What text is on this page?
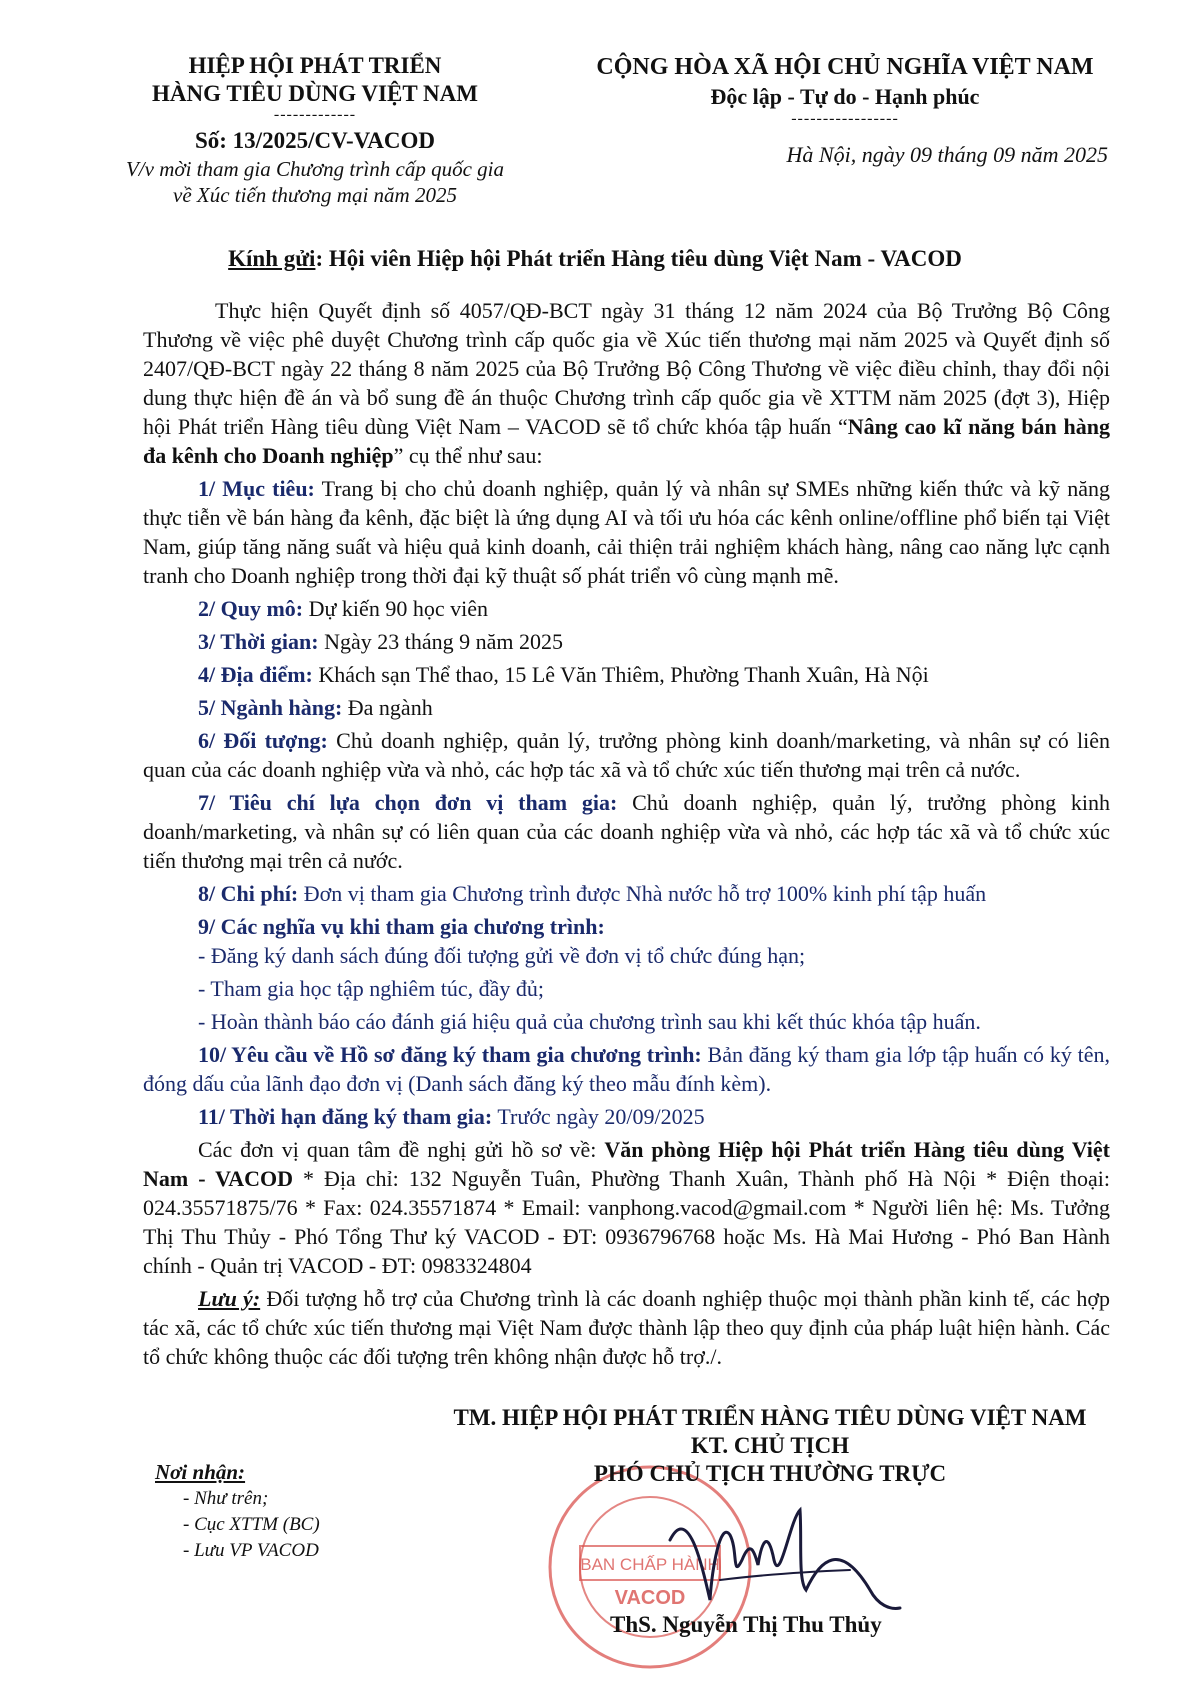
HIỆP HỘI PHÁT TRIỂN
HÀNG TIÊU DÙNG VIỆT NAM
-------------
Số: 13/2025/CV-VACOD
V/v mời tham gia Chương trình cấp quốc gia
về Xúc tiến thương mại năm 2025
CỘNG HÒA XÃ HỘI CHỦ NGHĨA VIỆT NAM
Độc lập - Tự do - Hạnh phúc
-----------------
Hà Nội, ngày 09 tháng 09 năm 2025
Kính gửi: Hội viên Hiệp hội Phát triển Hàng tiêu dùng Việt Nam - VACOD

Thực hiện Quyết định số 4057/QĐ-BCT ngày 31 tháng 12 năm 2024 của Bộ Trưởng Bộ Công Thương về việc phê duyệt Chương trình cấp quốc gia về Xúc tiến thương mại năm 2025 và Quyết định số 2407/QĐ-BCT ngày 22 tháng 8 năm 2025 của Bộ Trưởng Bộ Công Thương về việc điều chỉnh, thay đổi nội dung thực hiện đề án và bổ sung đề án thuộc Chương trình cấp quốc gia về XTTM năm 2025 (đợt 3), Hiệp hội Phát triển Hàng tiêu dùng Việt Nam – VACOD sẽ tổ chức khóa tập huấn “Nâng cao kĩ năng bán hàng đa kênh cho Doanh nghiệp” cụ thể như sau:

1/ Mục tiêu: Trang bị cho chủ doanh nghiệp, quản lý và nhân sự SMEs những kiến thức và kỹ năng thực tiễn về bán hàng đa kênh, đặc biệt là ứng dụng AI và tối ưu hóa các kênh online/offline phổ biến tại Việt Nam, giúp tăng năng suất và hiệu quả kinh doanh, cải thiện trải nghiệm khách hàng, nâng cao năng lực cạnh tranh cho Doanh nghiệp trong thời đại kỹ thuật số phát triển vô cùng mạnh mẽ.

2/ Quy mô: Dự kiến 90 học viên

3/ Thời gian: Ngày 23 tháng 9 năm 2025

4/ Địa điểm: Khách sạn Thể thao, 15 Lê Văn Thiêm, Phường Thanh Xuân, Hà Nội

5/ Ngành hàng: Đa ngành

6/ Đối tượng: Chủ doanh nghiệp, quản lý, trưởng phòng kinh doanh/marketing, và nhân sự có liên quan của các doanh nghiệp vừa và nhỏ, các hợp tác xã và tổ chức xúc tiến thương mại trên cả nước.

7/ Tiêu chí lựa chọn đơn vị tham gia: Chủ doanh nghiệp, quản lý, trưởng phòng kinh doanh/marketing, và nhân sự có liên quan của các doanh nghiệp vừa và nhỏ, các hợp tác xã và tổ chức xúc tiến thương mại trên cả nước.

8/ Chi phí: Đơn vị tham gia Chương trình được Nhà nước hỗ trợ 100% kinh phí tập huấn

9/ Các nghĩa vụ khi tham gia chương trình:

- Đăng ký danh sách đúng đối tượng gửi về đơn vị tổ chức đúng hạn;

- Tham gia học tập nghiêm túc, đầy đủ;

- Hoàn thành báo cáo đánh giá hiệu quả của chương trình sau khi kết thúc khóa tập huấn.

10/ Yêu cầu về Hồ sơ đăng ký tham gia chương trình: Bản đăng ký tham gia lớp tập huấn có ký tên, đóng dấu của lãnh đạo đơn vị (Danh sách đăng ký theo mẫu đính kèm).

11/ Thời hạn đăng ký tham gia: Trước ngày 20/09/2025

Các đơn vị quan tâm đề nghị gửi hồ sơ về: Văn phòng Hiệp hội Phát triển Hàng tiêu dùng Việt Nam - VACOD * Địa chỉ: 132 Nguyễn Tuân, Phường Thanh Xuân, Thành phố Hà Nội * Điện thoại: 024.35571875/76 * Fax: 024.35571874 * Email: vanphong.vacod@gmail.com * Người liên hệ: Ms. Tưởng Thị Thu Thủy - Phó Tổng Thư ký VACOD - ĐT: 0936796768 hoặc Ms. Hà Mai Hương - Phó Ban Hành chính - Quản trị VACOD - ĐT: 0983324804

Lưu ý: Đối tượng hỗ trợ của Chương trình là các doanh nghiệp thuộc mọi thành phần kinh tế, các hợp tác xã, các tổ chức xúc tiến thương mại Việt Nam được thành lập theo quy định của pháp luật hiện hành. Các tổ chức không thuộc các đối tượng trên không nhận được hỗ trợ./.

Nơi nhận:
- Như trên;
- Cục XTTM (BC)
- Lưu VP VACOD
BAN CHẤP HÀNH
VACOD
TM. HIỆP HỘI PHÁT TRIỂN HÀNG TIÊU DÙNG VIỆT NAM
KT. CHỦ TỊCH
PHÓ CHỦ TỊCH THƯỜNG TRỰC
ThS. Nguyễn Thị Thu Thủy
